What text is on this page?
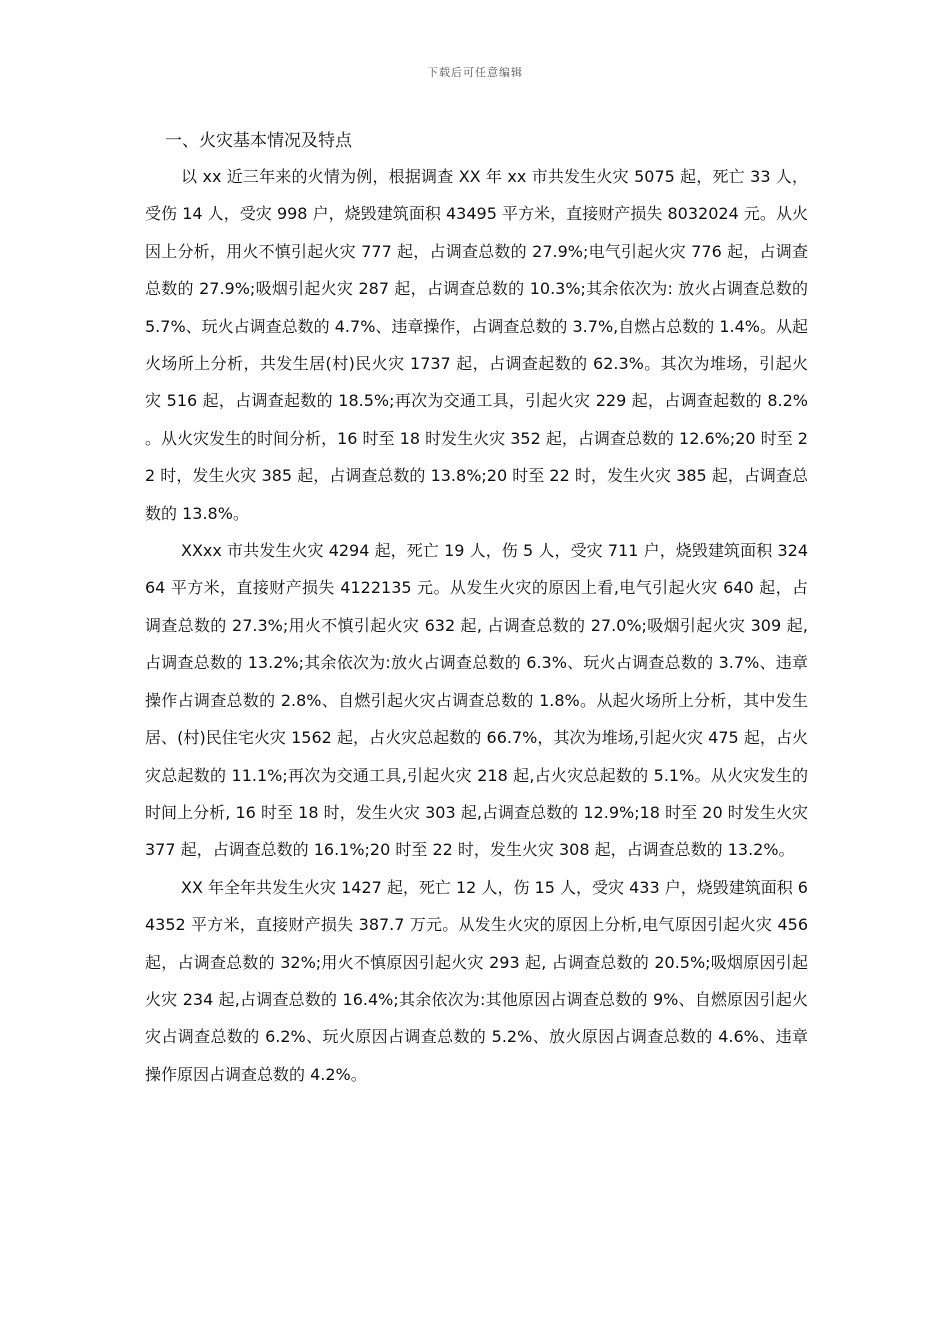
下载后可任意编辑
一、火灾基本情况及特点

以 xx 近三年来的火情为例，根据调查 XX 年 xx 市共发生火灾 5075 起，死亡 33 人，受伤 14 人，受灾 998 户，烧毁建筑面积 43495 平方米，直接财产损失 8032024 元。从火因上分析，用火不慎引起火灾 777 起，占调查总数的 27.9%;电气引起火灾 776 起，占调查总数的 27.9%;吸烟引起火灾 287 起，占调查总数的 10.3%;其余依次为: 放火占调查总数的 5.7%、玩火占调查总数的 4.7%、违章操作，占调查总数的 3.7%,自燃占总数的 1.4%。从起火场所上分析，共发生居(村)民火灾 1737 起，占调查起数的 62.3%。其次为堆场，引起火灾 516 起，占调查起数的 18.5%;再次为交通工具，引起火灾 229 起，占调查起数的 8.2%。从火灾发生的时间分析，16 时至 18 时发生火灾 352 起，占调查总数的 12.6%;20 时至 22 时，发生火灾 385 起，占调查总数的 13.8%;20 时至 22 时，发生火灾 385 起，占调查总数的 13.8%。

XXxx 市共发生火灾 4294 起，死亡 19 人，伤 5 人，受灾 711 户，烧毁建筑面积 32464 平方米，直接财产损失 4122135 元。从发生火灾的原因上看,电气引起火灾 640 起，占调查总数的 27.3%;用火不慎引起火灾 632 起, 占调查总数的 27.0%;吸烟引起火灾 309 起,占调查总数的 13.2%;其余依次为:放火占调查总数的 6.3%、玩火占调查总数的 3.7%、违章操作占调查总数的 2.8%、自燃引起火灾占调查总数的 1.8%。从起火场所上分析，其中发生居、(村)民住宅火灾 1562 起，占火灾总起数的 66.7%，其次为堆场,引起火灾 475 起，占火灾总起数的 11.1%;再次为交通工具,引起火灾 218 起,占火灾总起数的 5.1%。从火灾发生的时间上分析, 16 时至 18 时，发生火灾 303 起,占调查总数的 12.9%;18 时至 20 时发生火灾 377 起，占调查总数的 16.1%;20 时至 22 时，发生火灾 308 起，占调查总数的 13.2%。

XX 年全年共发生火灾 1427 起，死亡 12 人，伤 15 人，受灾 433 户，烧毁建筑面积 64352 平方米，直接财产损失 387.7 万元。从发生火灾的原因上分析,电气原因引起火灾 456 起，占调查总数的 32%;用火不慎原因引起火灾 293 起, 占调查总数的 20.5%;吸烟原因引起火灾 234 起,占调查总数的 16.4%;其余依次为:其他原因占调查总数的 9%、自燃原因引起火灾占调查总数的 6.2%、玩火原因占调查总数的 5.2%、放火原因占调查总数的 4.6%、违章操作原因占调查总数的 4.2%。
